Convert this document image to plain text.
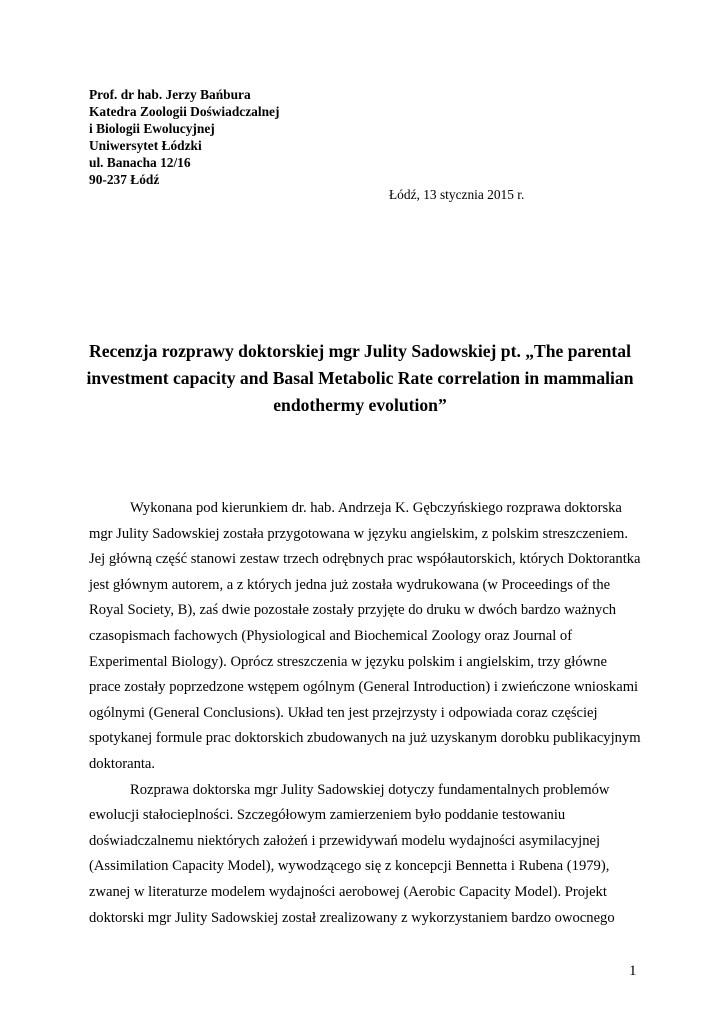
Prof. dr hab. Jerzy Bańbura
Katedra Zoologii Doświadczalnej
i Biologii Ewolucyjnej
Uniwersytet Łódzki
ul. Banacha 12/16
90-237 Łódź
Łódź, 13 stycznia 2015 r.
Recenzja rozprawy doktorskiej mgr Julity Sadowskiej pt. „The parental
investment capacity and Basal Metabolic Rate correlation in mammalian
endothermy evolution”
Wykonana pod kierunkiem dr. hab. Andrzeja K. Gębczyńskiego rozprawa doktorska
mgr Julity Sadowskiej została przygotowana w języku angielskim, z polskim streszczeniem.
Jej główną część stanowi zestaw trzech odrębnych prac współautorskich, których Doktorantka
jest głównym autorem, a z których jedna już została wydrukowana (w Proceedings of the
Royal Society, B), zaś dwie pozostałe zostały przyjęte do druku w dwóch bardzo ważnych
czasopismach fachowych (Physiological and Biochemical Zoology oraz Journal of
Experimental Biology). Oprócz streszczenia w języku polskim i angielskim, trzy główne
prace zostały poprzedzone wstępem ogólnym (General Introduction) i zwieńczone wnioskami
ogólnymi (General Conclusions). Układ ten jest przejrzysty i odpowiada coraz częściej
spotykanej formule prac doktorskich zbudowanych na już uzyskanym dorobku publikacyjnym
doktoranta.
Rozprawa doktorska mgr Julity Sadowskiej dotyczy fundamentalnych problemów
ewolucji stałocieplności. Szczegółowym zamierzeniem było poddanie testowaniu
doświadczalnemu niektórych założeń i przewidywań modelu wydajności asymilacyjnej
(Assimilation Capacity Model), wywodzącego się z koncepcji Bennetta i Rubena (1979),
zwanej w literaturze modelem wydajności aerobowej (Aerobic Capacity Model). Projekt
doktorski mgr Julity Sadowskiej został zrealizowany z wykorzystaniem bardzo owocnego
1
